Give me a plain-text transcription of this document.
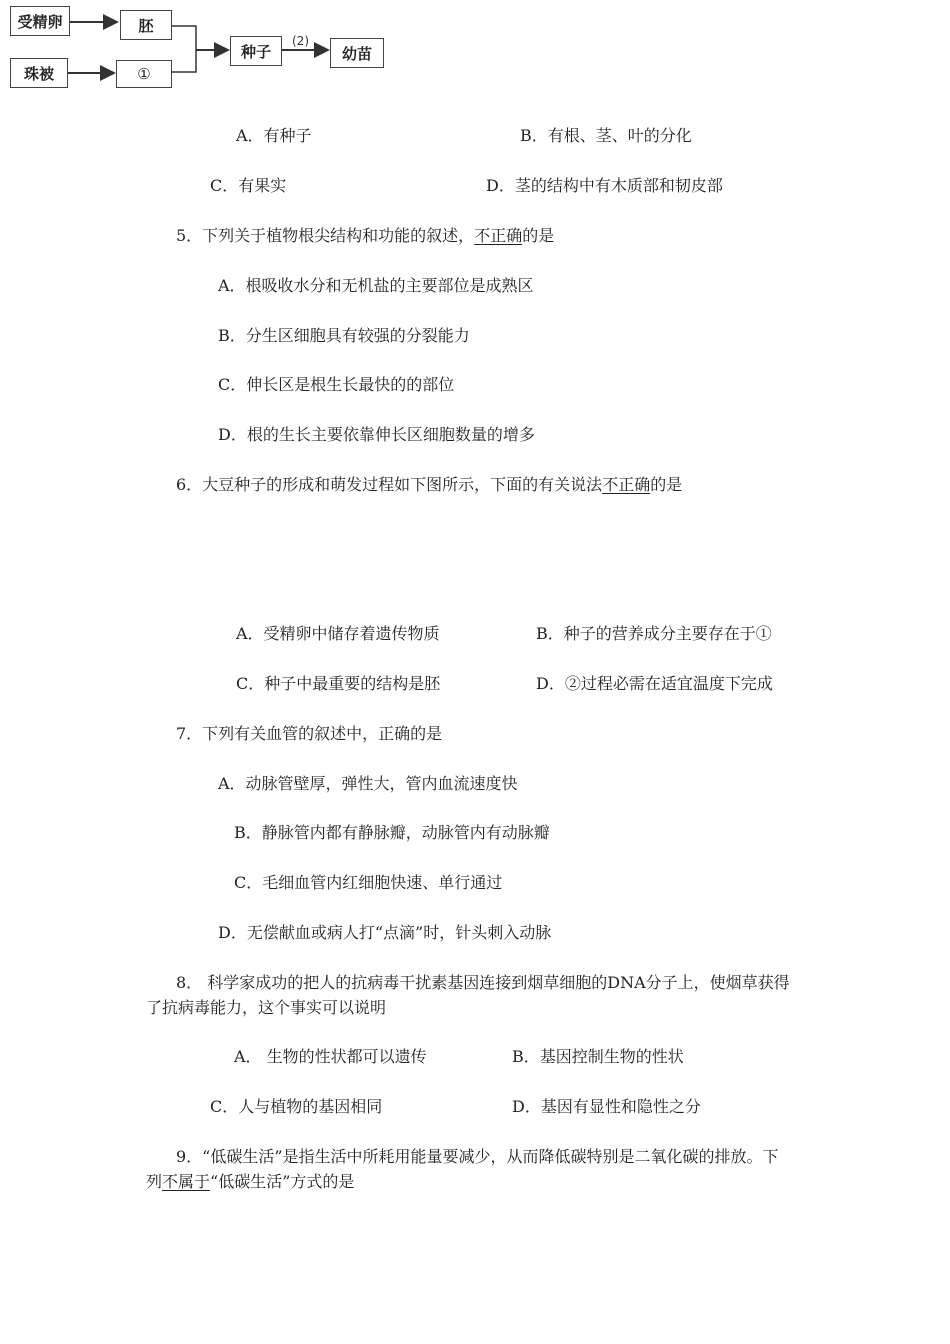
受精卵	胚
珠被	①
种子
(2)
幼苗
A．有种子	B．有根、茎、叶的分化
C．有果实	D．茎的结构中有木质部和韧皮部
5．下列关于植物根尖结构和功能的叙述，不正确的是
A．根吸收水分和无机盐的主要部位是成熟区
B．分生区细胞具有较强的分裂能力
C．伸长区是根生长最快的的部位
D．根的生长主要依靠伸长区细胞数量的增多
6．大豆种子的形成和萌发过程如下图所示，下面的有关说法不正确的是
A．受精卵中储存着遗传物质	B．种子的营养成分主要存在于①
C．种子中最重要的结构是胚	D．②过程必需在适宜温度下完成
7．下列有关血管的叙述中，正确的是
A．动脉管壁厚，弹性大，管内血流速度快
B．静脉管内都有静脉瓣，动脉管内有动脉瓣
C．毛细血管内红细胞快速、单行通过
D．无偿献血或病人打“点滴”时，针头刺入动脉
8． 科学家成功的把人的抗病毒干扰素基因连接到烟草细胞的DNA分子上，使烟草获得
了抗病毒能力，这个事实可以说明
A． 生物的性状都可以遗传	B．基因控制生物的性状
C．人与植物的基因相同	D．基因有显性和隐性之分
9．“低碳生活”是指生活中所耗用能量要减少，从而降低碳特别是二氧化碳的排放。下
列不属于“低碳生活”方式的是
